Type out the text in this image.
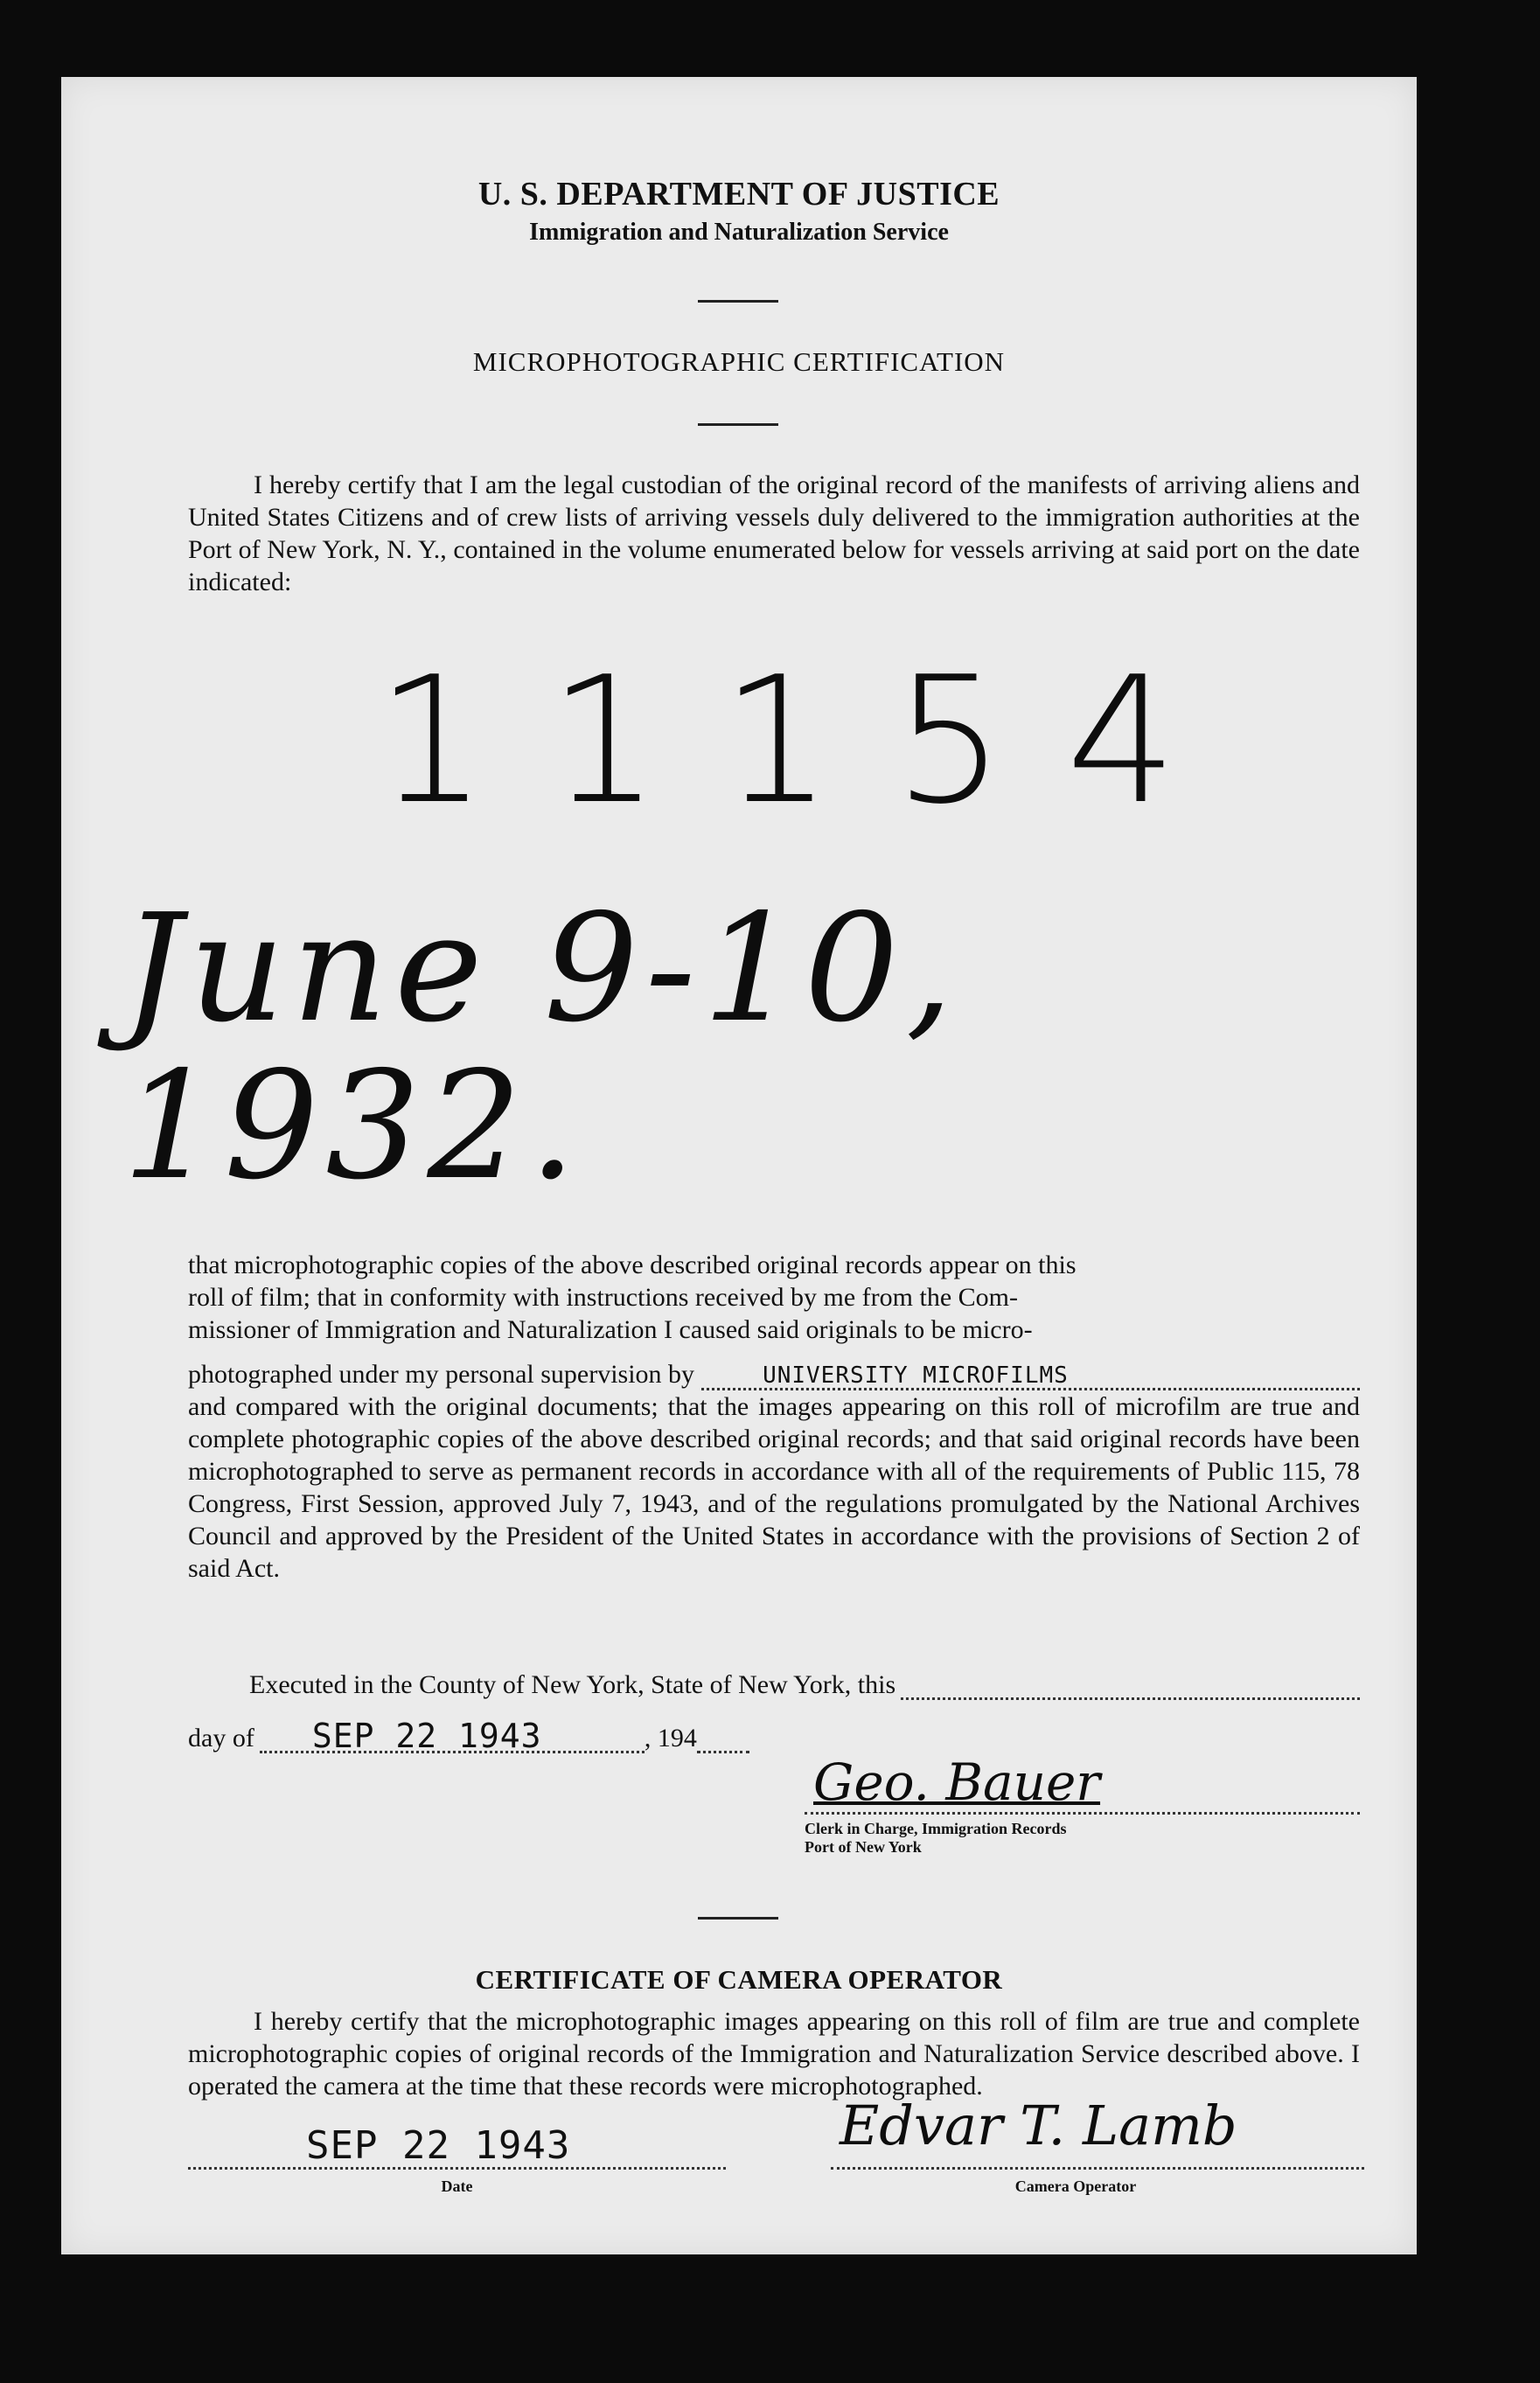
U. S. DEPARTMENT OF JUSTICE
Immigration and Naturalization Service
MICROPHOTOGRAPHIC CERTIFICATION

I hereby certify that I am the legal custodian of the original record of the manifests of arriving aliens and United States Citizens and of crew lists of arriving vessels duly delivered to the immigration authorities at the Port of New York, N. Y., contained in the volume enumerated below for vessels arriving at said port on the date indicated:

11154
June 9-10, 1932.

that microphotographic copies of the above described original records appear on this

roll of film; that in conformity with instructions received by me from the Com-

missioner of Immigration and Naturalization I caused said originals to be micro-

photographed under my personal supervision by	UNIVERSITY MICROFILMS

and compared with the original documents; that the images appearing on this roll of microfilm are true and complete photographic copies of the above described original records; and that said original records have been microphotographed to serve as permanent records in accordance with all of the requirements of Public 115, 78 Congress, First Session, approved July 7, 1943, and of the regulations promulgated by the National Archives Council and approved by the President of the United States in accordance with the provisions of Section 2 of said Act.

Executed in the County of New York, State of New York, this
day of	SEP 22 1943	, 194
Geo. Bauer
Clerk in Charge, Immigration Records
Port of New York
CERTIFICATE OF CAMERA OPERATOR

I hereby certify that the microphotographic images appearing on this roll of film are true and complete microphotographic copies of original records of the Immigration and Naturalization Service described above. I operated the camera at the time that these records were microphotographed.

SEP 22 1943
Date
Edvar T. Lamb
Camera Operator
